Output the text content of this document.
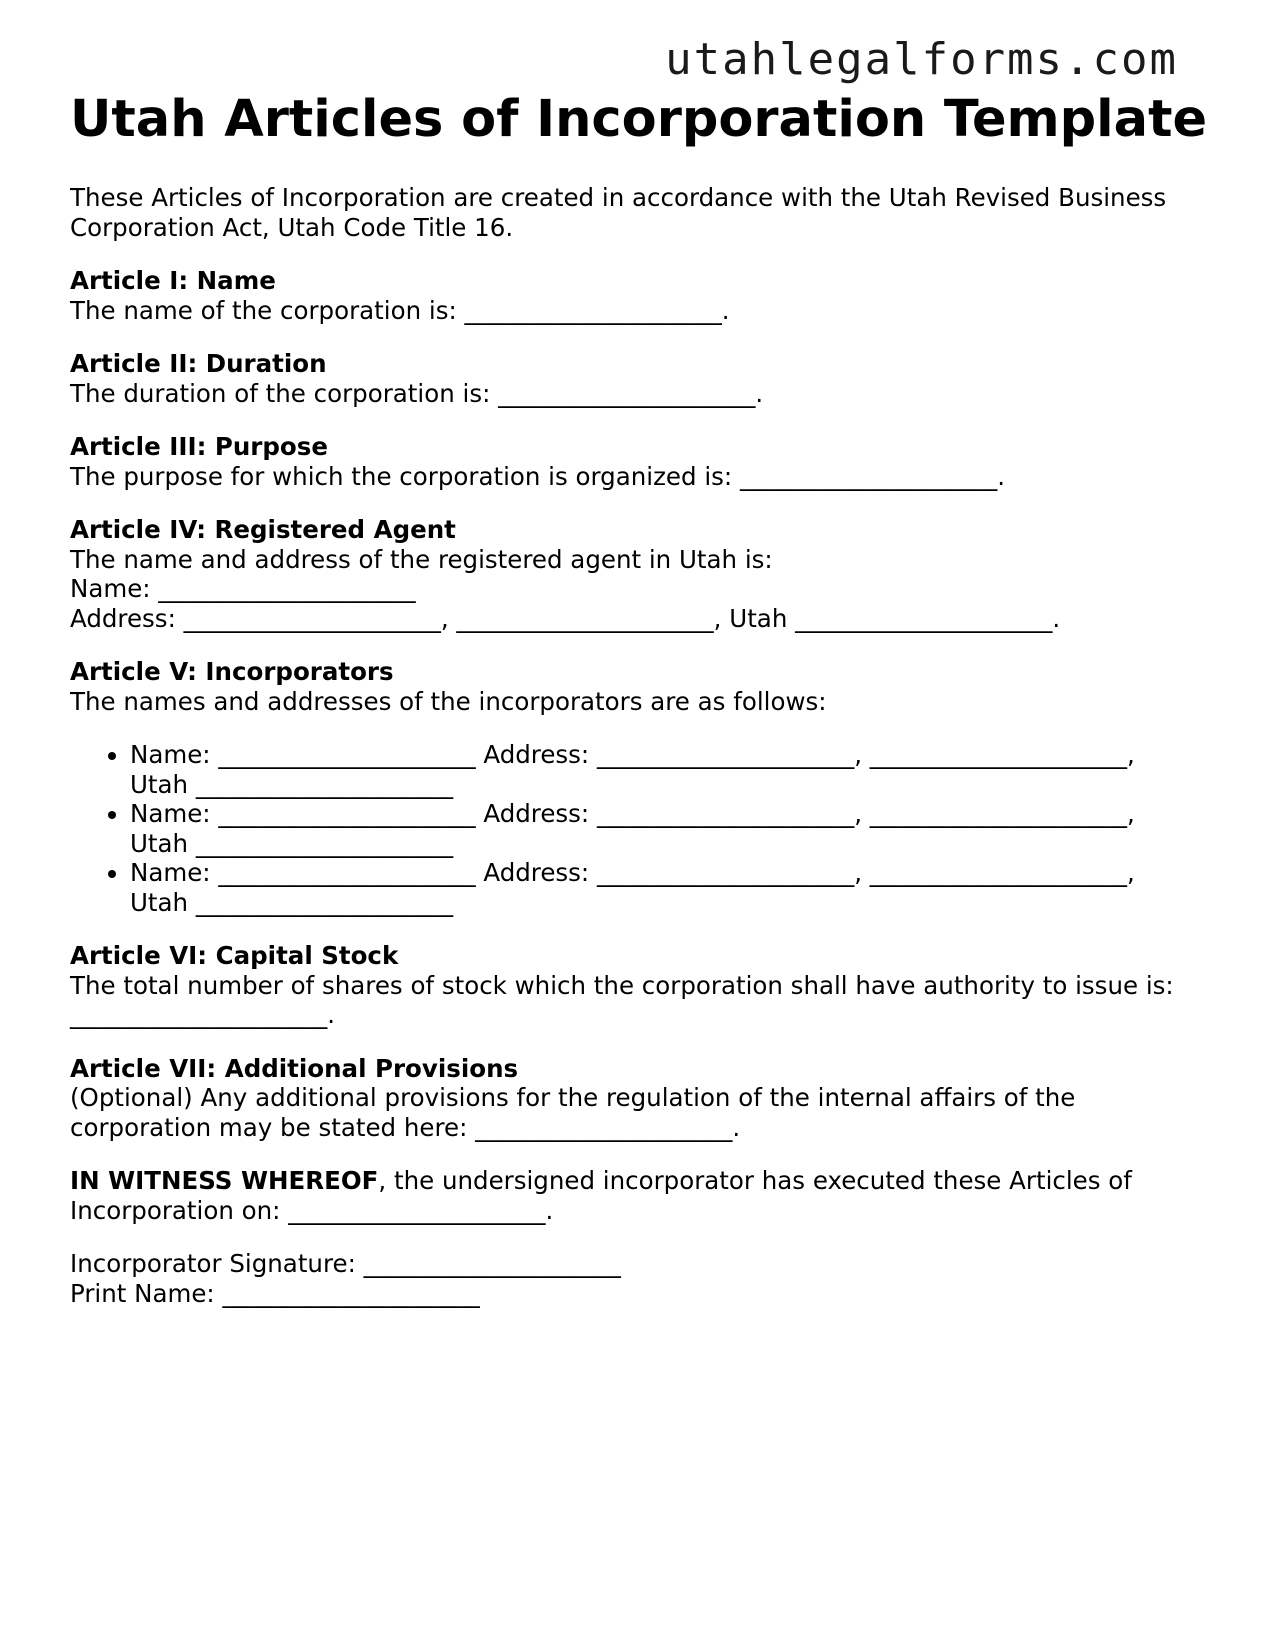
utahlegalforms.com
Utah Articles of Incorporation Template
These Articles of Incorporation are created in accordance with the Utah Revised Business Corporation Act, Utah Code Title 16.
Article I: Name
The name of the corporation is: _____________________.
Article II: Duration
The duration of the corporation is: _____________________.
Article III: Purpose
The purpose for which the corporation is organized is: _____________________.
Article IV: Registered Agent
The name and address of the registered agent in Utah is:
Name: _____________________
Address: _____________________, _____________________, Utah _____________________.
Article V: Incorporators
The names and addresses of the incorporators are as follows:
• Name: _____________________ Address: _____________________, _____________________, Utah _____________________
• Name: _____________________ Address: _____________________, _____________________, Utah _____________________
• Name: _____________________ Address: _____________________, _____________________, Utah _____________________
Article VI: Capital Stock
The total number of shares of stock which the corporation shall have authority to issue is: _____________________.
Article VII: Additional Provisions
(Optional) Any additional provisions for the regulation of the internal affairs of the corporation may be stated here: _____________________.
IN WITNESS WHEREOF, the undersigned incorporator has executed these Articles of Incorporation on: _____________________.
Incorporator Signature: _____________________
Print Name: _____________________
